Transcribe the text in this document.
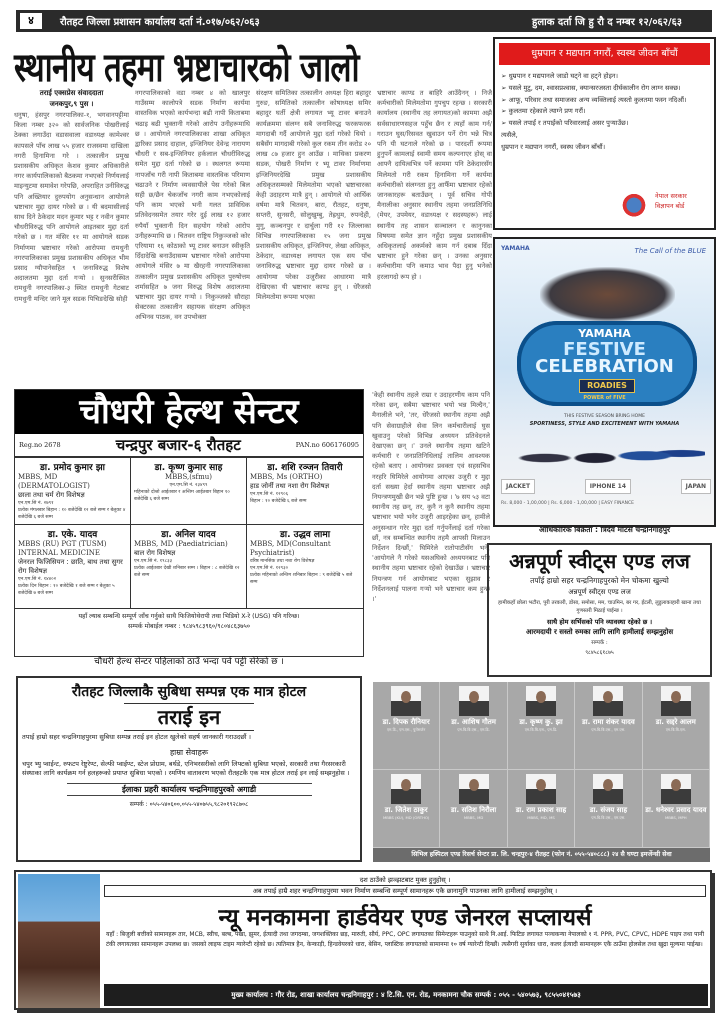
४	रौतहट जिल्ला प्रशासन कार्यालय दर्ता नं.०१७/०६२/०६३	हुलाक दर्ता जि हु रौ द नम्बर १२/०६२/६३
स्थानीय तहमा भ्रष्टाचारको जालो
तराई एक्सप्रेस संवाददाता
जनकपुर,९ पुस ।
धनुषा, हंसपुर नगरपालिका-१, भगवानपट्टीमा किला नम्बर ३२० को सार्वजनिक पोखरीलाई ठेक्का लगाउँदा वडासवाला वडाध्यक्ष कामेश्वर कापसले पाँच लाख ५५ हजार राजस्वमा दाखिला नगरी हिनामिना गरे । तत्कालीन प्रमुख प्रशासकीय अधिकृत केशव कुमार अधिकारीले नगर कार्यपालिकाको बैठकमा नभएको निर्णयलाई माइन्युटमा समावेश गरेपछि, अपराहित उनीविरुद्ध पनि अख्तियार दुरुपयोग अनुसन्धान आयोगले भ्रष्टाचार मुद्दा दायर गरेको छ । यी बदमासीलाई साथ दिने ठेकेदार मदन कुमार भट्ट र नवीन कुमार चौधरीविरुद्ध पनि आयोगले आइतबार मुद्दा दर्ता गरेको छ । गत मंसिर ११ मा आयोगले सडक निर्माणमा भ्रष्टाचार गरेको आरोपमा रामधुनी नगरपालिकाका प्रमुख प्रशासकीय अधिकृत भीम प्रसाद ग्यौपानेसहित ९ जनाविरुद्ध विशेष अदालतमा मुद्दा दर्ता गर्‍यो । सुनसरीस्थित रामधुनी नगरपालिका-३ स्थित रामधुनी गेटबाट रामधुनी मन्दिर जाने मूल सडक पिचिङदेखि सोही
नगरपालिकाको वडा नम्बर ४ को खालपुर गाउँसम्म कालोपत्रे सडक निर्माण कार्यमा वास्तविक भएको कार्यभन्दा बढी नापी किताबमा चढाइ बढी भुक्तानी गरेको आरोप उनीहरूमाथि छ । आयोगले नगरपालिकाका शाखा अधिकृत द्वारिका प्रसाद दाहाल, इन्जिनियर देवेन्द्र नारायण चौधरी र सब-इन्जिनियर हर्कलाल चौधरीविरुद्ध समेत मुद्दा दर्ता गरेको छ । स्थलगत रूपमा नापजाँच गरी नापी किताबमा वास्तविक परिमाण चढाउने र निर्माण व्यवसायीले पेस गरेको बिल सही छ/छैन चेकजाँच नगरी काम नभएकोलाई पनि काम भएको भनी गलत प्राविधिक प्रतिवेदनसमेत तयार गरेर दुई लाख १२ हजार रुपैयाँ भुक्तानी दिन सहयोग गरेको आरोप उनीहरूमाथि छ । चितवन राष्ट्रिय निकुञ्जको कोर एरियामा १६ कोठाको भ्यू टावर बनाउन स्वीकृति दिँदादेखि बनाउँदासम्म भ्रष्टाचार गरेको आरोपमा आयोगले मंसिर ७ मा खैरहनी नगरपालिकाका तत्कालीन प्रमुख प्रशासकीय अधिकृत पुरुषोत्तम शर्मासहित ७ जना विरुद्ध विशेष अदालतमा भ्रष्टाचार मुद्दा दायर गर्‍यो । निकुञ्जको सौराहा सेक्टरका तत्कालीन सहायक संरक्षण अधिकृत अभिनव पाठक, वन उपभोक्ता
संरक्षण समितिका तत्कालीन अध्यक्ष हिरा बहादुर गुरुङ, समितिको तत्कालीन कोषाध्यक्ष समिर बहादुर घर्ती क्षेत्री लगायत भ्यू टावर बनाउने कार्यक्रममा संलग्न सबै जनाविरुद्ध फरकफरक मागदाबी गर्दै आयोगले मुद्दा दर्ता गरेको थियो । सबैसँग मागदाबी गरेको कुल रकम तीन करोड २० लाख ८७ हजार हुन आउँछ । माथिका प्रकरण सडक, पोखरी निर्माण र भ्यू टावर निर्माणमा इन्जिनियरदेखि प्रमुख प्रशासकीय अधिकृतसम्मको मिलेमतोमा भएको भ्रष्टाचारका केही उदाहरण मात्रै हुन् । आयोगले यो आर्थिक वर्षमा मात्रै चितवन, बारा, रौतहट, धनुषा, सप्तरी, सुनसरी, सोलुखुम्बु, तेह्रथुम, रुपन्देही, मुगु, कञ्चनपुर र दार्चुला गरी १२ जिल्लाका विभिन्न नगरपालिकाका १५ जना प्रमुख प्रशासकीय अधिकृत, इन्जिनियर, लेखा अधिकृत, ठेकेदार, वडाध्यक्ष लगायत एक सय पाँच जनाविरुद्ध भ्रष्टाचार मुद्दा दायर गरेको छ । आयोगमा परेका उजुरीका आधारमा मात्रै देखिएका यी भ्रष्टाचार काण्ड हुन् । धेरैजसो मिलेमतोमा रूपमा भएका
भ्रष्टाचार काण्ड त बाहिरै आउँदैनन् । निजै कर्मचारीको मिलेमतोमा गुपचुप रहन्छ । सरकारी कार्यालय (स्थानीय तह लगायत)को काममा अझै सर्वसाधारणसहज पहुँच छैन र त्यहाँ काम गर्न/गराउन घुस/रिसवत खुवाउन पर्ने रोग भन्ने चित्र पनि यी घटनाले गरेको छ । पारदर्शी रूपमा हुनुपर्ने कामलाई स्वामी समय कल्पनाएर होस् वा आफ्नै दायित्वभित्र पर्ने काममा पनि ठेकेदारसँग मिलेमतो गरी रकम हिनामिना गर्ने कार्यमा कर्मचारीको संलग्नता हुनु आफैँमा भ्रष्टाचार रहेको जानकारहरू बताउँछन् । पूर्व सचिव गोपी मैनालीका अनुसार स्थानीय तहमा जनप्रतिनिधि (मेयर, उपमेयर, वडाध्यक्ष र सदस्यहरू) लाई स्थानीय तह शासन सञ्चालन र कानुनका विषयमा समेत ज्ञान नहुँदा प्रमुख प्रशासकीय अधिकृतलाई अकर्मको काम गर्न दबाब दिँदा भ्रष्टाचार हुने गरेका छन् । उनका अनुसार कर्मचारीमा पनि कमाउ भाव पैदा हुनु भनेको हरलागदो रूप हो ।
'केही स्थानीय तहले राम्रा र उदाहरणीय काम पनि गरेका छन्, सबैमा भ्रष्टाचार भयो भन्न मिल्दैन,' मैनालीले भने, 'तर, धेरैजसो स्थानीय तहमा अझै पनि सेवाग्राहीले सेवा लिन कर्मचारीलाई घुस खुवाउनु परेको विभिन्न अध्ययन प्रतिवेदनले देखाएका छन् ।' उनले स्थानीय तहमा खटिने कर्मचारी र जनप्रतिनिधिलाई तालिम आवश्यक रहेको बताए । आयोगका प्रवक्ता एवं सहसचिव नरहरि घिमिरेले आयोगमा आएका उजुरी र मुद्दा दर्ता सख्या हेर्दा स्थानीय तहमा भ्रष्टाचार अझै नियन्त्रणमुखी छैन भन्ने पुष्टि हुन्छ । '७ सय ५३ वटा स्थानीय तह छन्, तर, कुनै न कुनै स्थानीय तहमा भ्रष्टाचार भयो भनेर उजुरी आइरहेका छन्, हामीले अनुसन्धान गरेर मुद्दा दर्ता गर्नुपर्नेलाई दर्ता गरेका छौं, नत्र सम्बन्धित स्थानीय तहमै आपसी मिलाउन निर्देशन दिन्छौं,' घिमिरेले रातोपाटीसँग भने, 'आयोगले नै गरेको यसअघिको अध्ययनबाट पनि स्थानीय तहमा भ्रष्टाचार रहेको देखाउँछ । भ्रष्टाचार नियन्त्रण गर्न आयोगबाट भएका सुझाव र निर्देशनलाई पालना गर्‍यो भने भ्रष्टाचार कम हुन्छ ।'
धुम्रपान र मद्यपान नगरौं, स्वस्थ जीवन बाँचौं
➢ धुम्रपान र मद्यपानले जाडो घट्ने वा हट्ने होइन।
➢ यसले मुटु, दम, श्वासप्रश्वास, क्यान्सरजस्ता दीर्घकालीन रोग लाग्न सक्छ।
➢ आफू, परिवार तथा समाजका अन्य व्यक्तिलाई त्यस्तो कुलतमा फस्न नदिऔं।
➢ कुलतमा रहेकाले त्याग्ने प्रण गरौं।
➢ यसले तपाईं र तपाईंको परिवारलाई असर पुर्‍याउँछ।
त्यसैले,
धुम्रपान र मद्यपान नगरौं, स्वस्थ जीवन बाँचौं।
नेपाल सरकार
विज्ञापन बोर्ड
YAMAHA	The Call of the BLUE
YAMAHA
FESTIVE
CELEBRATION
ROADIES
POWER of FIVE
THIS FESTIVE SEASON BRING HOME
SPORTINESS, STYLE AND EXCITEMENT WITH YAMAHA
JACKET	IPHONE 14	JAPAN
Rs. 8,000 - 1,00,000 | Rs. 6,000 - 1,00,000 | EASY FINANCE
आधिकारिक बिक्रेता : त्रिदेव मोटर्स चन्द्रनिगाहपुर
चौधरी हेल्थ सेन्टर
Reg.no 2678	चन्द्रपुर बजार-६ रौतहट	PAN.no 606176095
डा. प्रमोद कुमार झा
MBBS, MD (DERMATOLOGIST)
छाला तथा चर्म रोग विशेषज्ञ
एन.एम.सि नं. २७९१
प्रत्येक मंगलबार बिहान : १० बजेदेखि १२ बजे सम्म र बेलुका ४ बजेदेखि ६ बजे सम्म
डा. कृष्ण कुमार साह
MBBS,(sfmu)
एन.एम.सि नं. २३४९९
महिनाको दोश्रो आईतबार र अन्तिम आईतबार बिहान १० बजेदेखि ६ बजे सम्म
डा. शशि रञ्जन तिवारी
MBBS, Ms (ORTHO)
हाड जोर्नी तथा नशा रोग विशेषज्ञ
एन.एम.सि नं. १२९०६
बिहान : १० बजेदेखि ६ बजे सम्म
डा. एके. यादव
MBBS (RU) PGT (TUSM) INTERNAL MEDICINE
जेनरल फिजिसियन : छाति, बाथ तथा सुगर रोग विशेषज्ञ
एन.एम.सि नं. १४४०२
प्रत्येक दिन बिहान : १० बजेदेखि १ बजे सम्म र बेलुका ५ बजेदेखि ७ बजे सम्म
डा. अनिल यादव
MBBS, MD (Paediatrician)
बाल रोग विशेषज्ञ
एन.एम.सि नं. १९८३३
प्रत्येक आईतबार देखी शनिबार सम्म । बिहान : ८ बजेदेखि १२ बजे सम्म
डा. उद्धव लामा
MBBS, MD(Consultant Psychiatrist)
वरिष्ठ मानसिक तथा नशा रोग विशेषज्ञ
एन.एम.सि नं. १२९३०
प्रत्येक महिनाको अन्तिम शनिबार बिहान : ९ बजेदेखि ५ बजे सम्म
यहाँ ल्याब सम्बन्धि सम्पूर्ण जाँच गर्नुको साथै फिजियोथेरापी तथा भिडियो X-रे (USG) पनि गरिन्छ।
सम्पर्क मोबाईल नम्बर : ९८४५९८३९६०/९८०४८६३७५०
चौधरी हेल्थ सेन्टर पहिलाको ठाउँ भन्दा पर्व पट्टी सेरेको छ ।
रौतहट जिल्लाकै सुबिधा सम्पन्न एक मात्र होटल
तराई इन

तपाई हाम्रो सहर चन्द्रनिगाहपुरमा सुबिधा सम्पन्न तराई इन होटल खुलेको सहर्ष जानकारी गराउदछौं ।

हाम्रा सेवाहरू

चपुर भ्यु प्वाईन्ट, रुफटप रेष्टुरेण्ट, सेल्फी प्वाईण्ट, स्टेज प्रोग्राम, बर्थडे, एनिभरसरीको लागि लिफ्टको सुबिधा भएको, सरकारी तथा गैरसरकारी संस्थाका लागि कार्यक्रम गर्न हलहरूको प्रयाप्त सुबिधा भएको । रमणिय वातावरण भएको रौतहटकै एक मात्र होटल तराई इन लाई सम्झनुहोस ।

ईलाका प्रहरी कार्यालय चन्द्रनिगाहपुरको अगाडी
सम्पर्क : ०५५-५४०६००,०५५-५४०७५५,९८२०१९२८७०८
अन्नपूर्ण स्वीट्स एण्ड लज
तपाँई हाम्रो सहर चन्द्रनिगाहपुरको मेन चोकमा खुल्यो
अन्नपूर्ण स्वीट्स एण्ड लज
हामीकहाँ छोला भटौरा, पुरी तरकारी, डोसा, समोसा, मम, चाउमिन, बर गर, ईटली, लुडुलाकाहारी खाना तथा गुणस्तरी मिठाई पाईन्छ ।
साथै होम सर्भिसको पनि व्यावस्था रहेको छ ।
आरमदायी र सस्तो रुमका लागि लागि हामीलाई सम्झनुहोस
सम्पर्क :
९८४५८६१८७५
डा. दिपक रौनियार
एम.डि., एम.एस., युरोसर्जन
डा. आशिष गौतम
एम.बि.बि.एस., एम.डि.
डा. कृष्ण कु. झा
एम.बि.बि.एस., एम.डि.
डा. रामा शंकर यादव
एम.बि.बि.एस., एम.एस.
डा. सद्दरे आलम
एम.बि.बि.एस.
डा. जितेश ठाकुर
MBBS (KU), MD (ORTHO)
डा. सतिश निरौला
MBBS, MD
डा. राम प्रकाश साह
MBBS, MD, MS
डा. संजय साह
एम.बि.बि.एस., एम.एस.
डा. धनेश्वर प्रसाद यादव
MBBS, MPH
सिभिल हस्पिटल एण्ड रिसर्च सेन्टर प्रा. लि. चन्द्रपुर-४ रौतहट (फोन नं. ०५५-५४०८८८) २४ सै घण्टा इमर्जेन्सी सेवा
दश ठाउँको झञ्झटबाट मुक्त हुनुहोस् ।
अब तपाई हाम्रै शहर चन्द्रनिगाहपुरमा भवन निर्माण सम्बन्धि सम्पूर्ण सामानहरू एकै छानामुनि पाउनका लागि हामीलाई सम्झनुहोस् ।
न्यू मनकामना हार्डवेयर एण्ड जेनरल सप्लायर्स
यहाँ : बिजुली बत्तीको सामानहरू तार, MCB, स्वीच, बल्ब, पंखा, झुमर, ईत्यादी तथा जगदम्बा, जगशक्तिका छड़, मारुती, सौर्य, PPC, OPC लगायतका सिमेन्टहरू पाउनुको साथै नि.आई. फिटिङ लगायत पञ्चकन्या नेपालको १ नं. PPR, PVC, CPVC, HDPE पाइप तथा पानी टंकी लगायतका सामानहरू उपलब्ध छ। जसको लाइफ टाइम ग्यारेन्टी रहेको छ। त्यतिमात्र हैन, केन्काड़ी, हिन्डवेयरको धारा, बेसिन, प्लास्टिक लगायतको सामानमा १० वर्ष ग्यारेन्टी दिन्छौं। त्यसैगरी सुर्याका धारा, कलर ईत्यादी सामानहरू एकै ठाउँमा होलसेल तथा खुद्रा मूल्यमा पाईन्छ।
मुख्य कार्यालय : गौर रोड, शाखा कार्यालय चन्द्रनिगाहपुर : ४ टि.सि. एन. रोड, मनकामना चौक सम्पर्क : ०५५ - ५४०५७३, ९८५५०४१५७३
